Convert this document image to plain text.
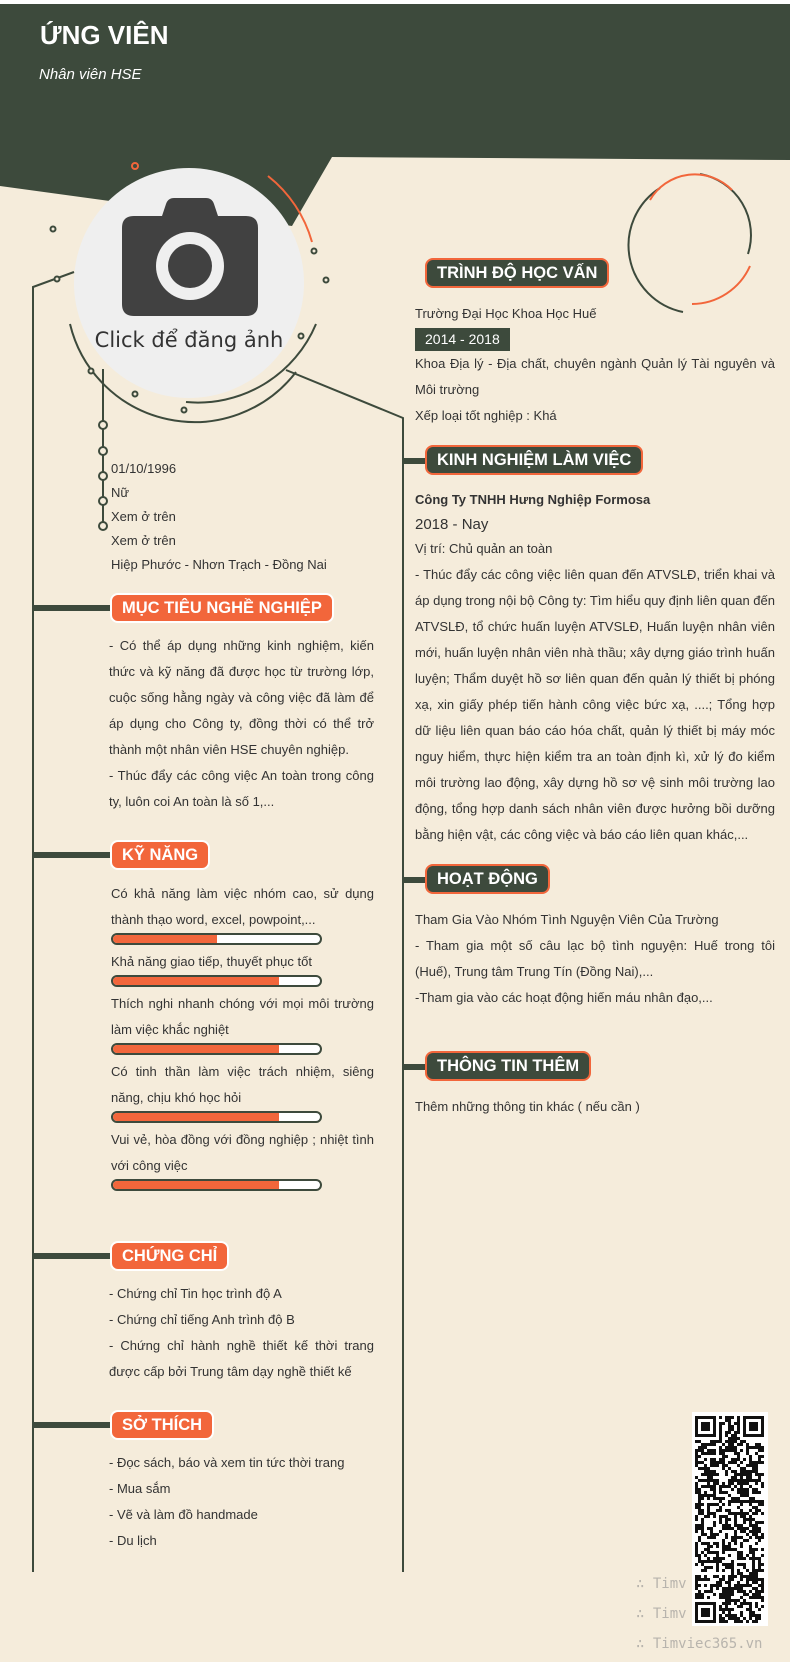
ỨNG VIÊN
Nhân viên HSE
Click để đăng ảnh
01/10/1996
Nữ
Xem ở trên
Xem ở trên
Hiệp Phước - Nhơn Trạch - Đồng Nai
MỤC TIÊU NGHỀ NGHIỆP
- Có thể áp dụng những kinh nghiệm, kiến thức và kỹ năng đã được học từ trường lớp, cuộc sống hằng ngày và công việc đã làm để áp dụng cho Công ty, đồng thời có thể trở thành một nhân viên HSE chuyên nghiệp.
- Thúc đẩy các công việc An toàn trong công ty, luôn coi An toàn là số 1,...
KỸ NĂNG
Có khả năng làm việc nhóm cao, sử dụng thành thạo word, excel, powpoint,...
Khả năng giao tiếp, thuyết phục tốt
Thích nghi nhanh chóng với mọi môi trường làm việc khắc nghiệt
Có tinh thần làm việc trách nhiệm, siêng năng, chịu khó học hỏi
Vui vẻ, hòa đồng với đồng nghiệp ; nhiệt tình với công việc
CHỨNG CHỈ
- Chứng chỉ Tin học trình độ A
- Chứng chỉ tiếng Anh trình độ B
- Chứng chỉ hành nghề thiết kế thời trang được cấp bởi Trung tâm dạy nghề thiết kế
SỞ THÍCH
- Đọc sách, báo và xem tin tức thời trang
- Mua sắm
- Vẽ và làm đồ handmade
- Du lịch
TRÌNH ĐỘ HỌC VẤN
Trường Đại Học Khoa Học Huế
2014 - 2018
Khoa Địa lý - Địa chất, chuyên ngành Quản lý Tài nguyên và Môi trường
Xếp loại tốt nghiệp : Khá
KINH NGHIỆM LÀM VIỆC
Công Ty TNHH Hưng Nghiệp Formosa
2018 - Nay
Vị trí: Chủ quản an toàn
- Thúc đẩy các công việc liên quan đến ATVSLĐ, triển khai và áp dụng trong nội bộ Công ty: Tìm hiểu quy định liên quan đến ATVSLĐ, tổ chức huấn luyện ATVSLĐ, Huấn luyện nhân viên mới, huấn luyện nhân viên nhà thầu; xây dựng giáo trình huấn luyện; Thẩm duyệt hồ sơ liên quan đến quản lý thiết bị phóng xạ, xin giấy phép tiến hành công việc bức xạ, ....; Tổng hợp dữ liệu liên quan báo cáo hóa chất, quản lý thiết bị máy móc nguy hiểm, thực hiện kiểm tra an toàn định kì, xử lý đo kiểm môi trường lao động, xây dựng hồ sơ vệ sinh môi trường lao động, tổng hợp danh sách nhân viên được hưởng bồi dưỡng bằng hiện vật, các công việc và báo cáo liên quan khác,...
HOẠT ĐỘNG
Tham Gia Vào Nhóm Tình Nguyện Viên Của Trường
- Tham gia một số câu lạc bộ tình nguyện: Huế trong tôi (Huế), Trung tâm Trung Tín (Đồng Nai),...
-Tham gia vào các hoạt động hiến máu nhân đạo,...
THÔNG TIN THÊM
Thêm những thông tin khác ( nếu cần )
∴ Timv
∴ Timv
∴ Timviec365.vn
